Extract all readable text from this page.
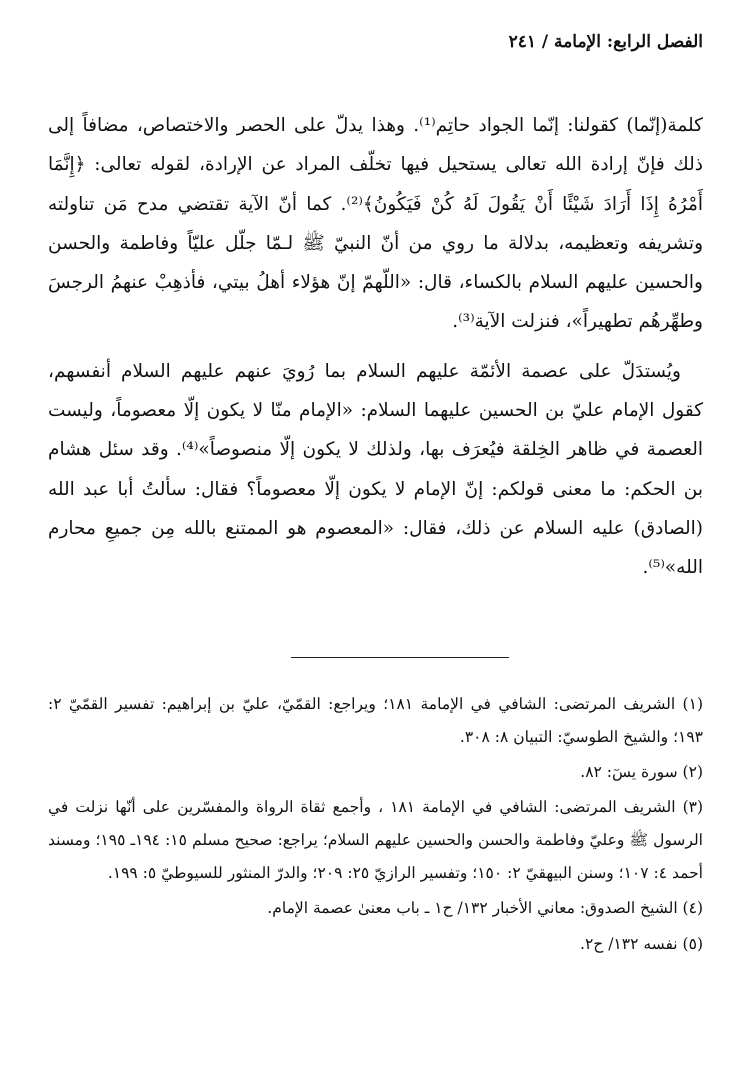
الفصل الرابع: الإمامة / ٢٤١

كلمة(إنّما) كقولنا: إنّما الجواد حاتِم⁽¹⁾. وهذا يدلّ على الحصر والاختصاص، مضافاً إلى ذلك فإنّ إرادة الله تعالى يستحيل فيها تخلّف المراد عن الإرادة، لقوله تعالى: ﴿إِنَّمَا أَمْرُهُ إِذَا أَرَادَ شَيْئًا أَنْ يَقُولَ لَهُ كُنْ فَيَكُونُ﴾⁽²⁾. كما أنّ الآية تقتضي مدح مَن تناولته وتشريفه وتعظيمه، بدلالة ما روي من أنّ النبيّ ﷺ لـمّا جلّل عليّاً وفاطمة والحسن والحسين عليهم السلام بالكساء، قال: «اللّهمّ إنّ هؤلاء أهلُ بيتي، فأذهِبْ عنهمُ الرجسَ وطهِّرهُم تطهيراً»، فنزلت الآية⁽³⁾.

ويُستدَلّ على عصمة الأئمّة عليهم السلام بما رُويَ عنهم عليهم السلام أنفسهم، كقول الإمام عليّ بن الحسين عليهما السلام: «الإمام منّا لا يكون إلّا معصوماً، وليست العصمة في ظاهر الخِلقة فيُعرَف بها، ولذلك لا يكون إلّا منصوصاً»⁽⁴⁾. وقد سئل هشام بن الحكم: ما معنى قولكم: إنّ الإمام لا يكون إلّا معصوماً؟ فقال: سألتُ أبا عبد الله (الصادق) عليه السلام عن ذلك، فقال: «المعصوم هو الممتنع بالله مِن جميعِ محارم الله»⁽⁵⁾.

(١) الشريف المرتضى: الشافي في الإمامة ١٨١؛ ويراجع: القمّيّ، عليّ بن إبراهيم: تفسير القمّيّ ٢: ١٩٣؛ والشيخ الطوسيّ: التبيان ٨: ٣٠٨.

(٢) سورة يسٓ: ٨٢.

(٣) الشريف المرتضى: الشافي في الإمامة ١٨١ ، وأجمع ثقاة الرواة والمفسّرين على أنّها نزلت في الرسول ﷺ وعليّ وفاطمة والحسن والحسين عليهم السلام؛ يراجع: صحيح مسلم ١٥: ١٩٤ـ ١٩٥؛ ومسند أحمد ٤: ١٠٧؛ وسنن البيهقيّ ٢: ١٥٠؛ وتفسير الرازيّ ٢٥: ٢٠٩؛ والدرّ المنثور للسيوطيّ ٥: ١٩٩.

(٤) الشيخ الصدوق: معاني الأخبار ١٣٢/ ح١ ـ باب معنىٰ عصمة الإمام.

(٥) نفسه ١٣٢/ ح٢.
